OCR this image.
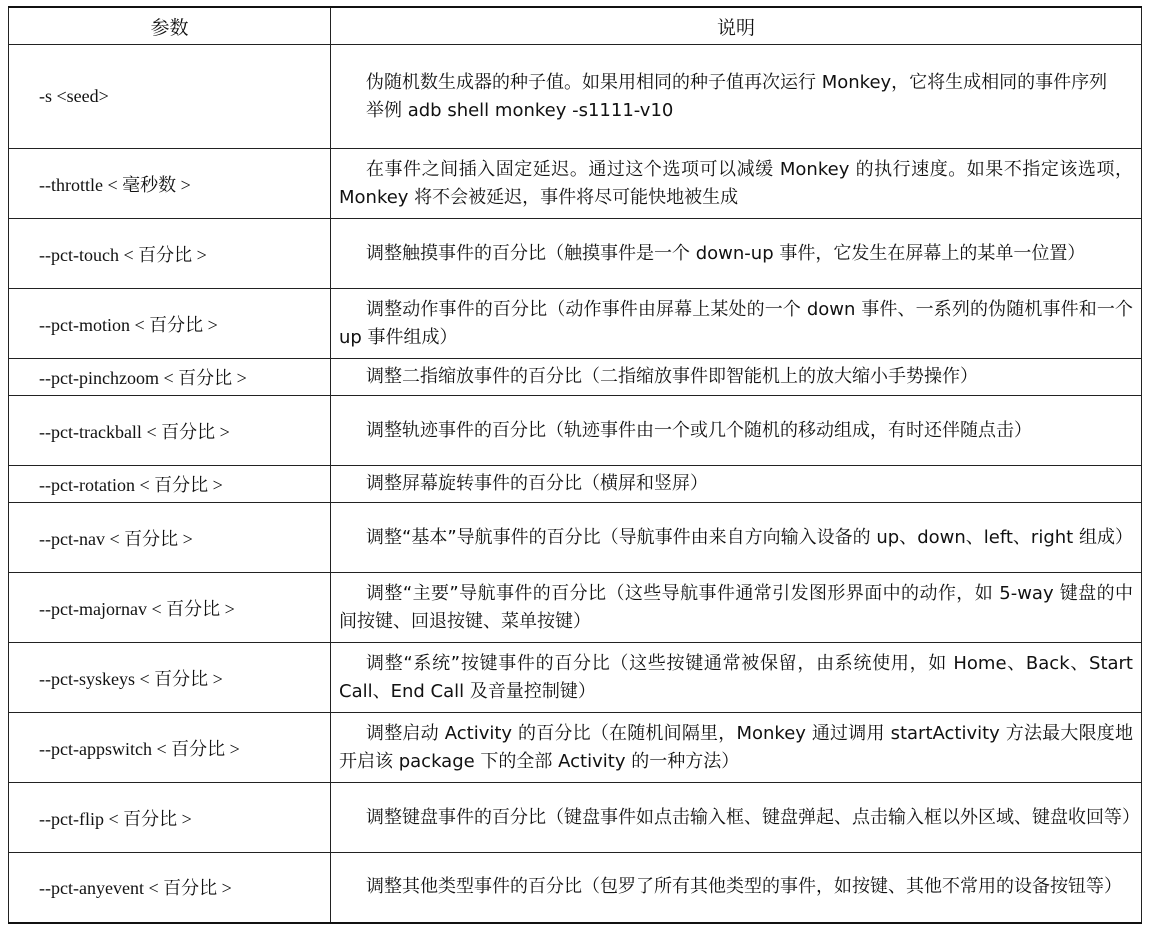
参数	说明
-s <seed>	伪随机数生成器的种子值。如果用相同的种子值再次运行 Monkey，它将生成相同的事件序列

举例 adb shell monkey -s1111-v10

--throttle < 毫秒数 >	在事件之间插入固定延迟。通过这个选项可以减缓 Monkey 的执行速度。如果不指定该选项，Monkey 将不会被延迟，事件将尽可能快地被生成

--pct-touch < 百分比 >	调整触摸事件的百分比（触摸事件是一个 down-up 事件，它发生在屏幕上的某单一位置）

--pct-motion < 百分比 >	调整动作事件的百分比（动作事件由屏幕上某处的一个 down 事件、一系列的伪随机事件和一个 up 事件组成）

--pct-pinchzoom < 百分比 >	调整二指缩放事件的百分比（二指缩放事件即智能机上的放大缩小手势操作）

--pct-trackball < 百分比 >	调整轨迹事件的百分比（轨迹事件由一个或几个随机的移动组成，有时还伴随点击）

--pct-rotation < 百分比 >	调整屏幕旋转事件的百分比（横屏和竖屏）

--pct-nav < 百分比 >	调整“基本”导航事件的百分比（导航事件由来自方向输入设备的 up、down、left、right 组成）

--pct-majornav < 百分比 >	调整“主要”导航事件的百分比（这些导航事件通常引发图形界面中的动作，如 5-way 键盘的中间按键、回退按键、菜单按键）

--pct-syskeys < 百分比 >	调整“系统”按键事件的百分比（这些按键通常被保留，由系统使用，如 Home、Back、Start Call、End Call 及音量控制键）

--pct-appswitch < 百分比 >	调整启动 Activity 的百分比（在随机间隔里，Monkey 通过调用 startActivity 方法最大限度地开启该 package 下的全部 Activity 的一种方法）

--pct-flip < 百分比 >	调整键盘事件的百分比（键盘事件如点击输入框、键盘弹起、点击输入框以外区域、键盘收回等）

--pct-anyevent < 百分比 >	调整其他类型事件的百分比（包罗了所有其他类型的事件，如按键、其他不常用的设备按钮等）
